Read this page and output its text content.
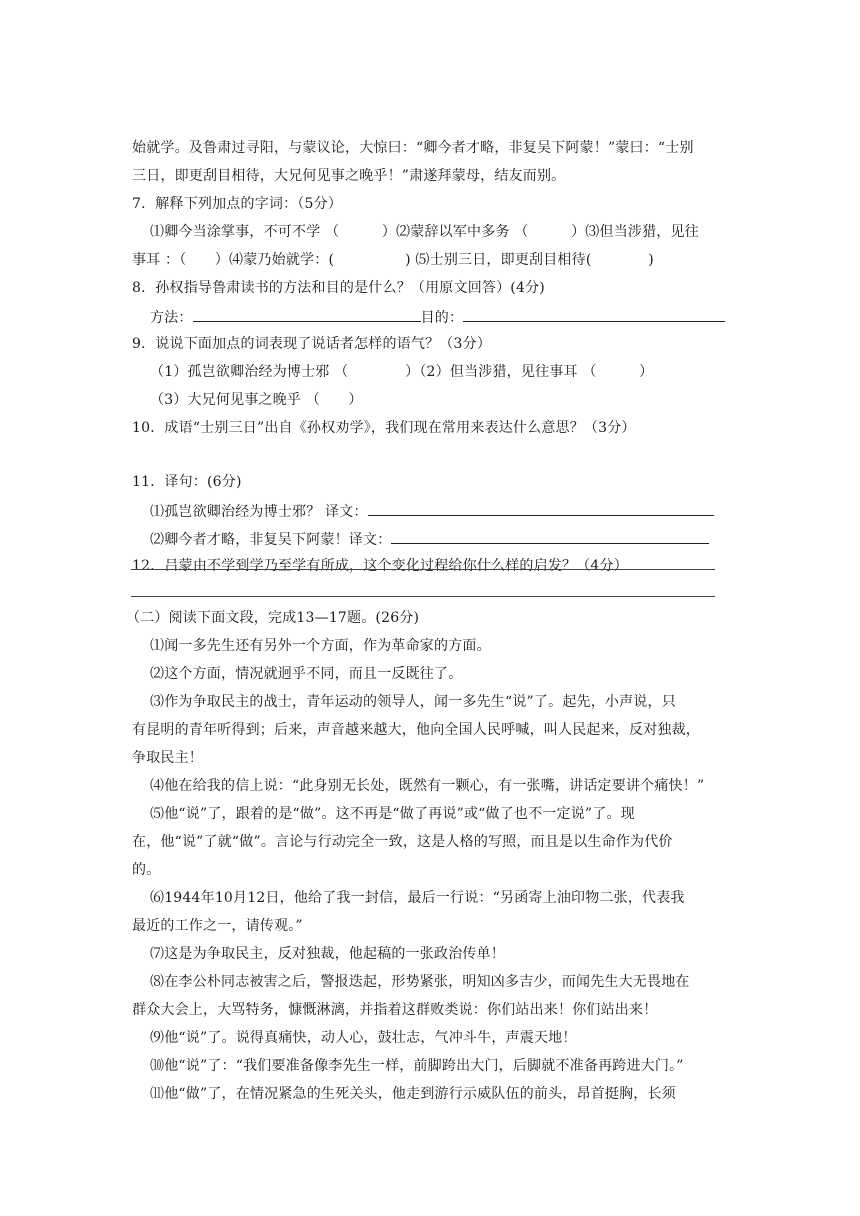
始就学。及鲁肃过寻阳，与蒙议论，大惊曰：“卿今者才略，非复吴下阿蒙！”蒙曰：“士别
三日，即更刮目相待，大兄何见事之晚乎！”肃遂拜蒙母，结友而别。
7．解释下列加点的字词：（5分）
⑴卿今当涂掌事，不可不学 （　　　）⑵蒙辞以军中多务 （　　　）⑶但当涉猎，见往
事耳 ：（　　）⑷蒙乃始就学：(　　　　　) ⑸士别三日，即更刮目相待(　　　　)
8．孙权指导鲁肃读书的方法和目的是什么？（用原文回答）(4分)
方法：	目的：
9．说说下面加点的词表现了说话者怎样的语气？（3分）
（1）孤岂欲卿治经为博士邪 （　　　　）（2）但当涉猎，见往事耳 （　　　）
（3）大兄何见事之晚乎 （　　）
10．成语“士别三日”出自《孙权劝学》，我们现在常用来表达什么意思？（3分）
11．译句：(6分)
⑴孤岂欲卿治经为博士邪？ 译文：
⑵卿今者才略，非复吴下阿蒙！译文：
12．吕蒙由不学到学乃至学有所成，这个变化过程给你什么样的启发？（4分）
（二）阅读下面文段，完成13—17题。(26分)
⑴闻一多先生还有另外一个方面，作为革命家的方面。
⑵这个方面，情况就迥乎不同，而且一反既往了。
⑶作为争取民主的战士，青年运动的领导人，闻一多先生“说”了。起先，小声说，只
有昆明的青年听得到；后来，声音越来越大，他向全国人民呼喊，叫人民起来，反对独裁，
争取民主！
⑷他在给我的信上说：“此身别无长处，既然有一颗心，有一张嘴，讲话定要讲个痛快！”
⑸他“说”了，跟着的是“做”。这不再是“做了再说”或“做了也不一定说”了。现
在，他“说”了就“做”。言论与行动完全一致，这是人格的写照，而且是以生命作为代价
的。
⑹1944年10月12日，他给了我一封信，最后一行说：“另函寄上油印物二张，代表我
最近的工作之一，请传观。”
⑺这是为争取民主，反对独裁，他起稿的一张政治传单！
⑻在李公朴同志被害之后，警报迭起，形势紧张，明知凶多吉少，而闻先生大无畏地在
群众大会上，大骂特务，慷慨淋漓，并指着这群败类说：你们站出来！你们站出来！
⑼他“说”了。说得真痛快，动人心，鼓壮志，气冲斗牛，声震天地！
⑽他“说”了：“我们要准备像李先生一样，前脚跨出大门，后脚就不准备再跨进大门。”
⑾他“做”了，在情况紧急的生死关头，他走到游行示威队伍的前头，昂首挺胸，长须
